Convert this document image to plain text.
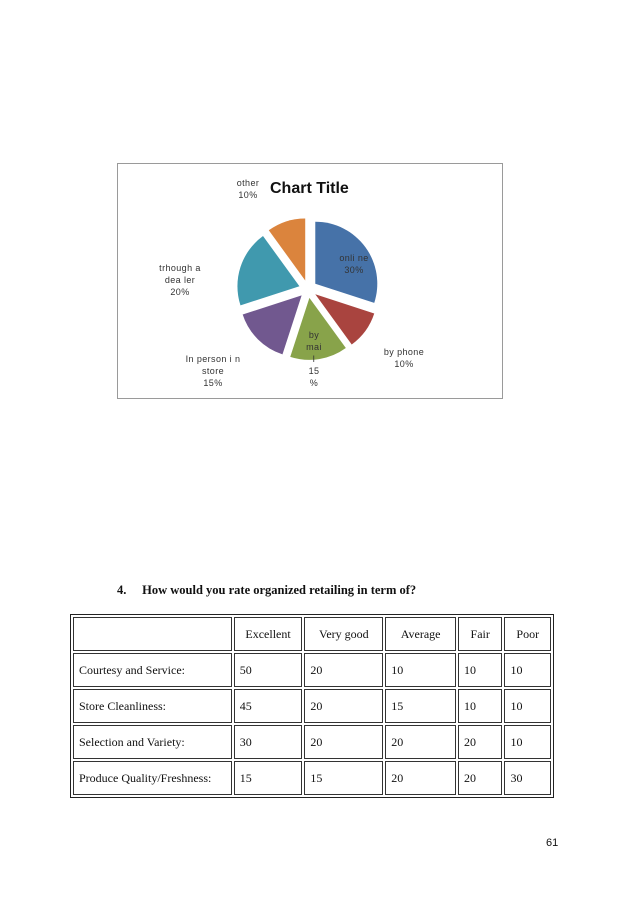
Chart Title
onli ne 30%
by phone 10%
by mai l 15 %
In person i n store 15%
trhough a dea ler 20%
other 10%
4. How would you rate organized retailing in term of?
	Excellent	Very good	Average	Fair	Poor
Courtesy and Service:	50	20	10	10	10
Store Cleanliness:	45	20	15	10	10
Selection and Variety:	30	20	20	20	10
Produce Quality/Freshness:	15	15	20	20	30
61
